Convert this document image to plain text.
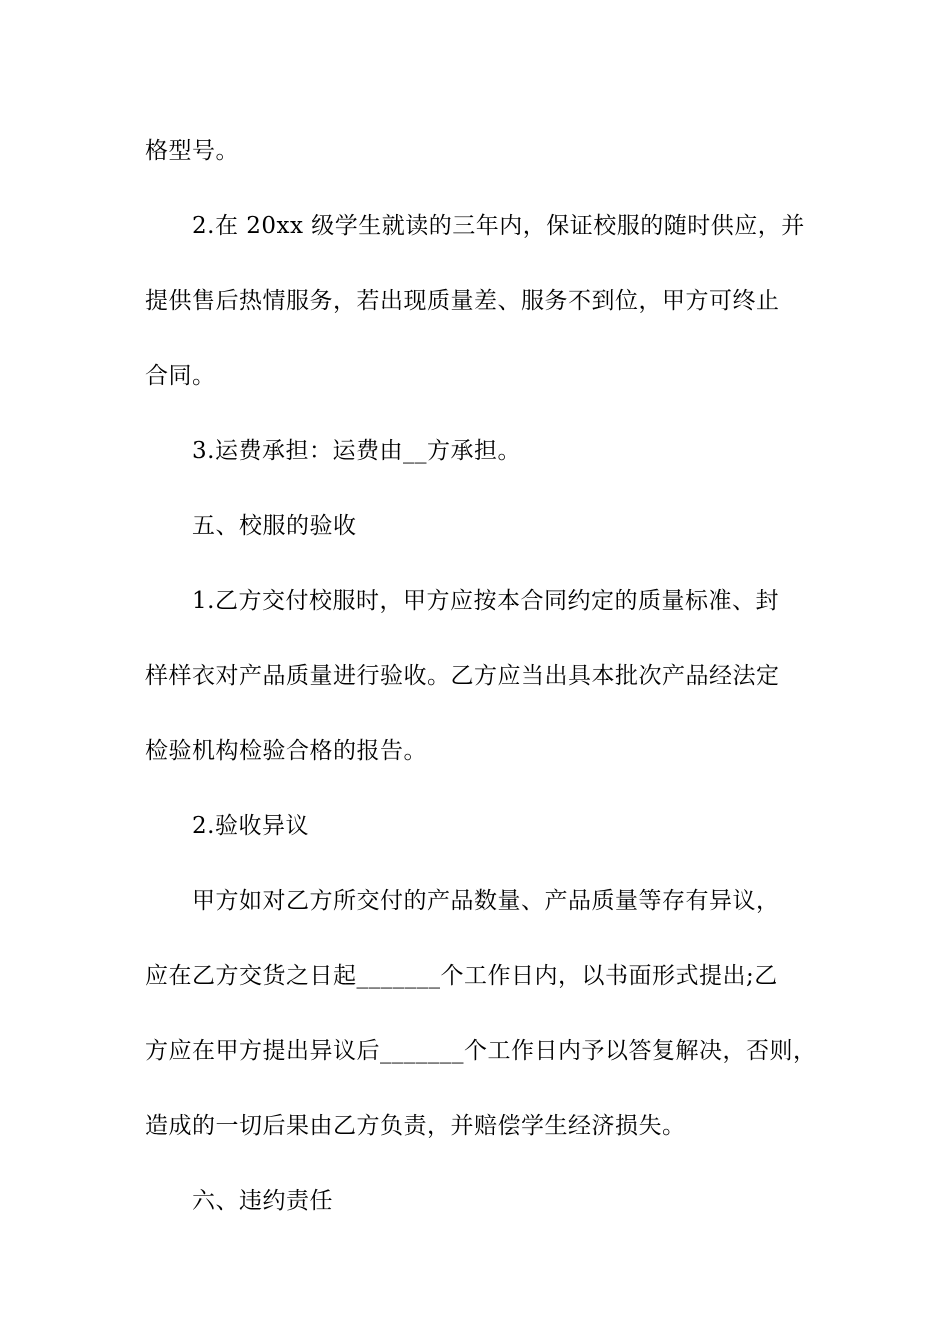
格型号。
2.在 20xx 级学生就读的三年内，保证校服的随时供应，并
提供售后热情服务，若出现质量差、服务不到位，甲方可终止
合同。
3.运费承担：运费由__方承担。
五、校服的验收
1.乙方交付校服时，甲方应按本合同约定的质量标准、封
样样衣对产品质量进行验收。乙方应当出具本批次产品经法定
检验机构检验合格的报告。
2.验收异议
甲方如对乙方所交付的产品数量、产品质量等存有异议，
应在乙方交货之日起_______个工作日内，以书面形式提出;乙
方应在甲方提出异议后_______个工作日内予以答复解决，否则，
造成的一切后果由乙方负责，并赔偿学生经济损失。
六、违约责任
